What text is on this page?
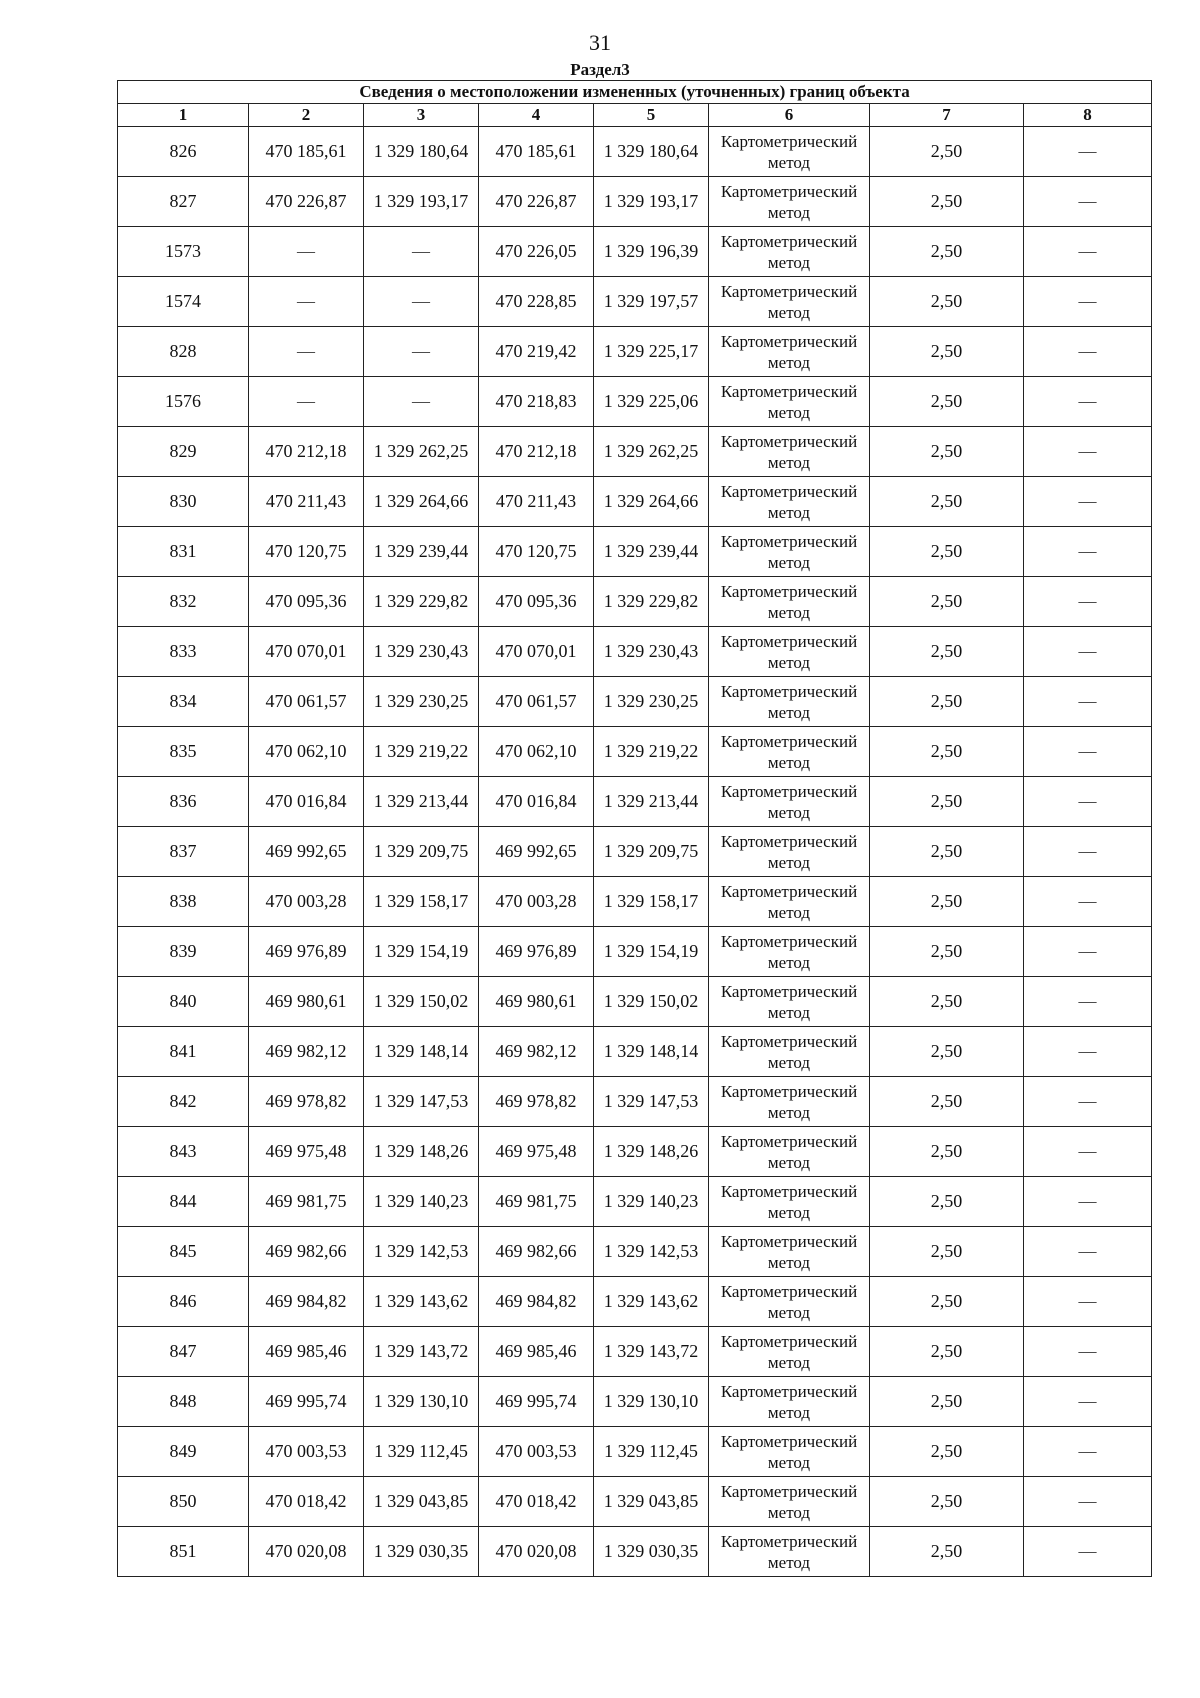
31
Раздел3
Сведения о местоположении измененных (уточненных) границ объекта							
1	2	3	4	5	6	7	8
826	470 185,61	1 329 180,64	470 185,61	1 329 180,64	Картометрический метод	2,50	—
827	470 226,87	1 329 193,17	470 226,87	1 329 193,17	Картометрический метод	2,50	—
1573	—	—	470 226,05	1 329 196,39	Картометрический метод	2,50	—
1574	—	—	470 228,85	1 329 197,57	Картометрический метод	2,50	—
828	—	—	470 219,42	1 329 225,17	Картометрический метод	2,50	—
1576	—	—	470 218,83	1 329 225,06	Картометрический метод	2,50	—
829	470 212,18	1 329 262,25	470 212,18	1 329 262,25	Картометрический метод	2,50	—
830	470 211,43	1 329 264,66	470 211,43	1 329 264,66	Картометрический метод	2,50	—
831	470 120,75	1 329 239,44	470 120,75	1 329 239,44	Картометрический метод	2,50	—
832	470 095,36	1 329 229,82	470 095,36	1 329 229,82	Картометрический метод	2,50	—
833	470 070,01	1 329 230,43	470 070,01	1 329 230,43	Картометрический метод	2,50	—
834	470 061,57	1 329 230,25	470 061,57	1 329 230,25	Картометрический метод	2,50	—
835	470 062,10	1 329 219,22	470 062,10	1 329 219,22	Картометрический метод	2,50	—
836	470 016,84	1 329 213,44	470 016,84	1 329 213,44	Картометрический метод	2,50	—
837	469 992,65	1 329 209,75	469 992,65	1 329 209,75	Картометрический метод	2,50	—
838	470 003,28	1 329 158,17	470 003,28	1 329 158,17	Картометрический метод	2,50	—
839	469 976,89	1 329 154,19	469 976,89	1 329 154,19	Картометрический метод	2,50	—
840	469 980,61	1 329 150,02	469 980,61	1 329 150,02	Картометрический метод	2,50	—
841	469 982,12	1 329 148,14	469 982,12	1 329 148,14	Картометрический метод	2,50	—
842	469 978,82	1 329 147,53	469 978,82	1 329 147,53	Картометрический метод	2,50	—
843	469 975,48	1 329 148,26	469 975,48	1 329 148,26	Картометрический метод	2,50	—
844	469 981,75	1 329 140,23	469 981,75	1 329 140,23	Картометрический метод	2,50	—
845	469 982,66	1 329 142,53	469 982,66	1 329 142,53	Картометрический метод	2,50	—
846	469 984,82	1 329 143,62	469 984,82	1 329 143,62	Картометрический метод	2,50	—
847	469 985,46	1 329 143,72	469 985,46	1 329 143,72	Картометрический метод	2,50	—
848	469 995,74	1 329 130,10	469 995,74	1 329 130,10	Картометрический метод	2,50	—
849	470 003,53	1 329 112,45	470 003,53	1 329 112,45	Картометрический метод	2,50	—
850	470 018,42	1 329 043,85	470 018,42	1 329 043,85	Картометрический метод	2,50	—
851	470 020,08	1 329 030,35	470 020,08	1 329 030,35	Картометрический метод	2,50	—
